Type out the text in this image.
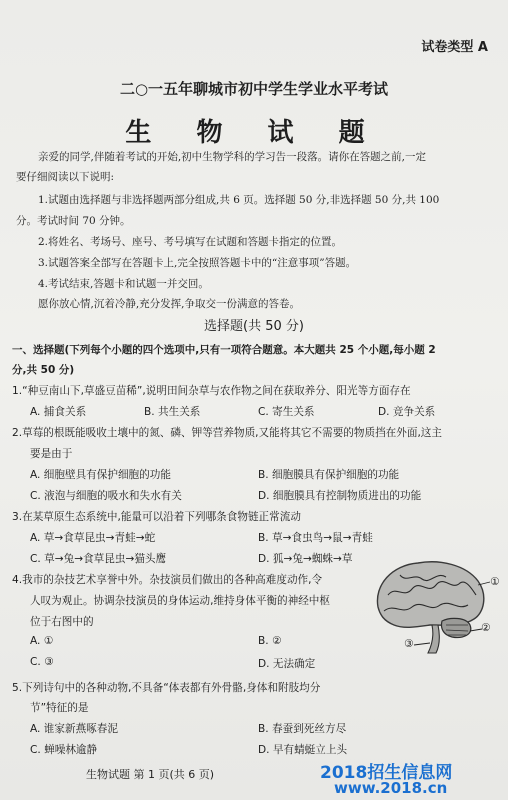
试卷类型 A
二○一五年聊城市初中学生学业水平考试
生 物 试 题
亲爱的同学,伴随着考试的开始,初中生物学科的学习告一段落。请你在答题之前,一定
要仔细阅读以下说明:
1.试题由选择题与非选择题两部分组成,共 6 页。选择题 50 分,非选择题 50 分,共 100
分。考试时间 70 分钟。
2.将姓名、考场号、座号、考号填写在试题和答题卡指定的位置。
3.试题答案全部写在答题卡上,完全按照答题卡中的“注意事项”答题。
4.考试结束,答题卡和试题一并交回。
愿你放心情,沉着冷静,充分发挥,争取交一份满意的答卷。
选择题(共 50 分)
一、选择题(下列每个小题的四个选项中,只有一项符合题意。本大题共 25 个小题,每小题 2
分,共 50 分)
1.“种豆南山下,草盛豆苗稀”,说明田间杂草与农作物之间在获取养分、阳光等方面存在
A. 捕食关系	B. 共生关系	C. 寄生关系	D. 竞争关系
2.草莓的根既能吸收土壤中的氮、磷、钾等营养物质,又能将其它不需要的物质挡在外面,这主
要是由于
A. 细胞壁具有保护细胞的功能	B. 细胞膜具有保护细胞的功能
C. 液泡与细胞的吸水和失水有关	D. 细胞膜具有控制物质进出的功能
3.在某草原生态系统中,能量可以沿着下列哪条食物链正常流动
A. 草→食草昆虫→青蛙→蛇	B. 草→食虫鸟→鼠→青蛙
C. 草→兔→食草昆虫→猫头鹰	D. 狐→兔→蜘蛛→草
4.我市的杂技艺术享誉中外。杂技演员们做出的各种高难度动作,令
人叹为观止。协调杂技演员的身体运动,维持身体平衡的神经中枢
位于右图中的
A. ①	B. ②
C. ③	D. 无法确定
①
②
③
5.下列诗句中的各种动物,不具备“体表都有外骨骼,身体和附肢均分
节”特征的是
A. 谁家新燕啄春泥	B. 春蚕到死丝方尽
C. 蝉噪林逾静	D. 早有蜻蜓立上头
生物试题 第 1 页(共 6 页)	2018招生信息网
www.2018.cn
